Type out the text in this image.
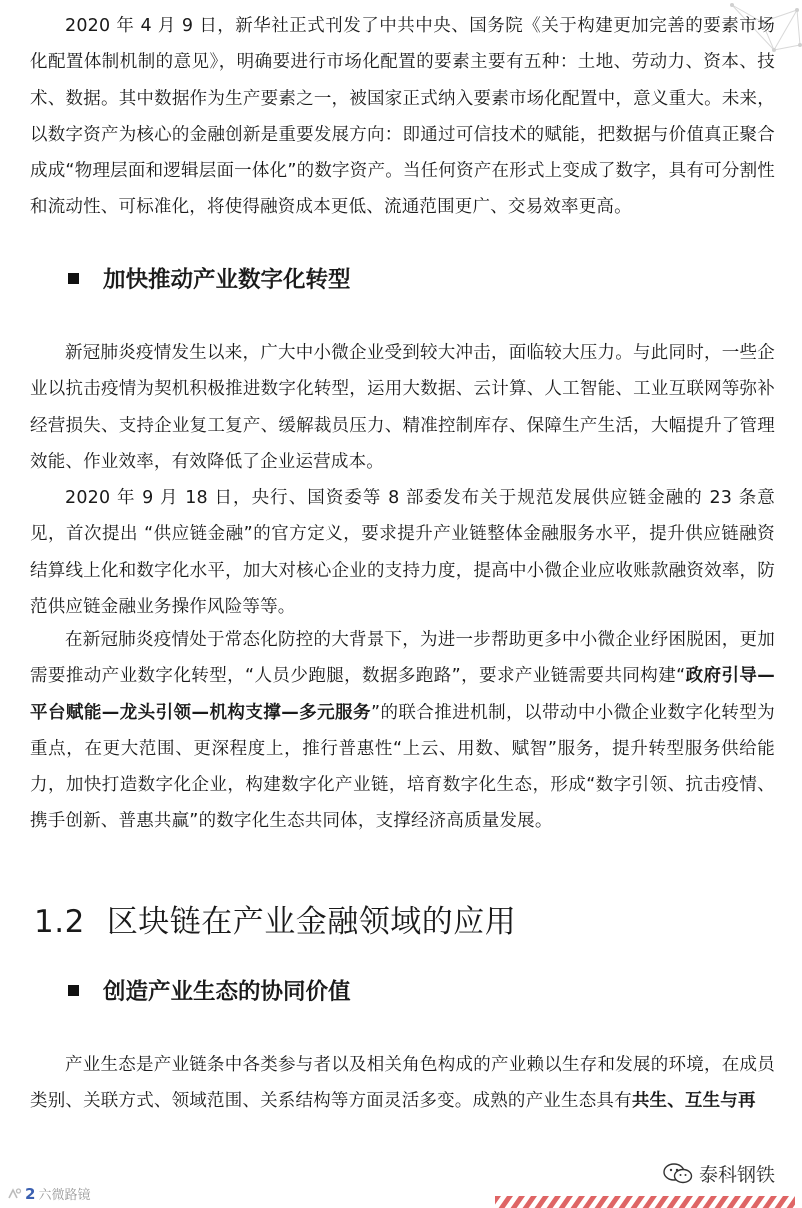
2020 年 4 月 9 日，新华社正式刊发了中共中央、国务院《关于构建更加完善的要素市场化配置体制机制的意见》，明确要进行市场化配置的要素主要有五种：土地、劳动力、资本、技术、数据。其中数据作为生产要素之一，被国家正式纳入要素市场化配置中，意义重大。未来，以数字资产为核心的金融创新是重要发展方向：即通过可信技术的赋能，把数据与价值真正聚合成成“物理层面和逻辑层面一体化”的数字资产。当任何资产在形式上变成了数字，具有可分割性和流动性、可标准化，将使得融资成本更低、流通范围更广、交易效率更高。

加快推动产业数字化转型

新冠肺炎疫情发生以来，广大中小微企业受到较大冲击，面临较大压力。与此同时，一些企业以抗击疫情为契机积极推进数字化转型，运用大数据、云计算、人工智能、工业互联网等弥补经营损失、支持企业复工复产、缓解裁员压力、精准控制库存、保障生产生活，大幅提升了管理效能、作业效率，有效降低了企业运营成本。

2020 年 9 月 18 日，央行、国资委等 8 部委发布关于规范发展供应链金融的 23 条意见，首次提出 “供应链金融”的官方定义，要求提升产业链整体金融服务水平，提升供应链融资结算线上化和数字化水平，加大对核心企业的支持力度，提高中小微企业应收账款融资效率，防范供应链金融业务操作风险等等。

在新冠肺炎疫情处于常态化防控的大背景下，为进一步帮助更多中小微企业纾困脱困，更加需要推动产业数字化转型，“人员少跑腿，数据多跑路”，要求产业链需要共同构建“政府引导—平台赋能—龙头引领—机构支撑—多元服务”的联合推进机制，以带动中小微企业数字化转型为重点，在更大范围、更深程度上，推行普惠性“上云、用数、赋智”服务，提升转型服务供给能力，加快打造数字化企业，构建数字化产业链，培育数字化生态，形成“数字引领、抗击疫情、携手创新、普惠共赢”的数字化生态共同体，支撑经济高质量发展。

1.2 区块链在产业金融领域的应用
创造产业生态的协同价值

产业生态是产业链条中各类参与者以及相关角色构成的产业赖以生存和发展的环境，在成员类别、关联方式、领域范围、关系结构等方面灵活多变。成熟的产业生态具有共生、互生与再

泰科钢铁
2 六微路镜
